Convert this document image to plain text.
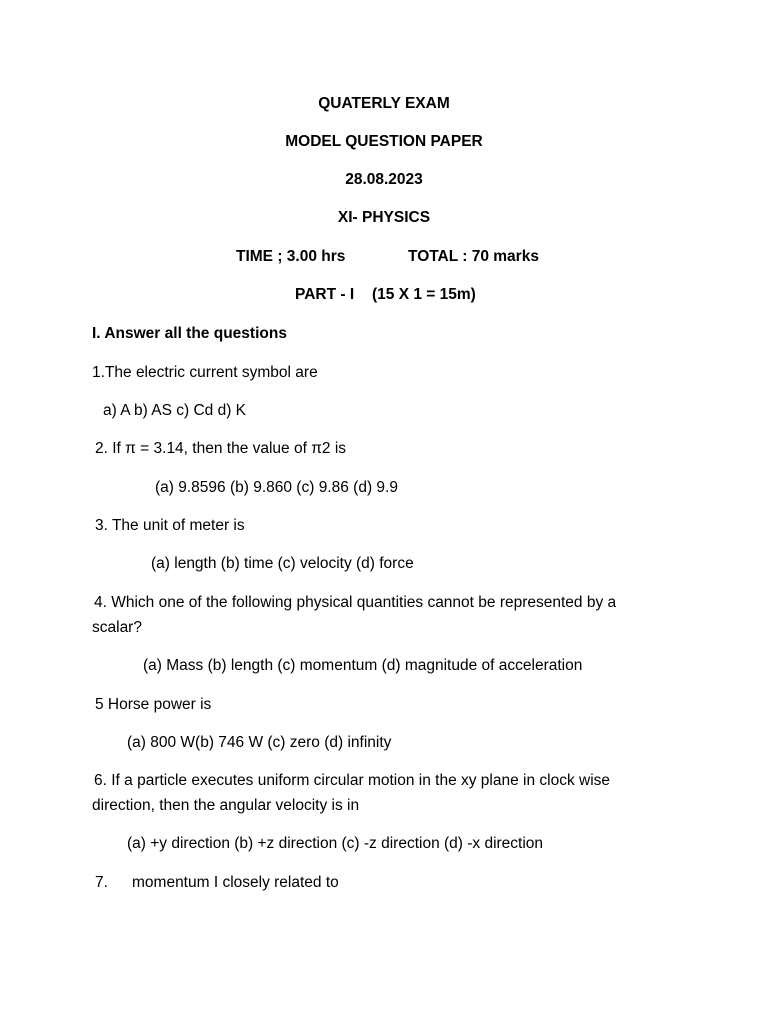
QUATERLY EXAM
MODEL QUESTION PAPER
28.08.2023
XI- PHYSICS
TIME ; 3.00 hrs	TOTAL : 70 marks
PART - I (15 X 1 = 15m)
I. Answer all the questions
1.The electric current symbol are
a) A b) AS c) Cd d) K
2. If π = 3.14, then the value of π2 is
(a) 9.8596 (b) 9.860 (c) 9.86 (d) 9.9
3. The unit of meter is
(a) length (b) time (c) velocity (d) force
4. Which one of the following physical quantities cannot be represented by a
scalar?
(a) Mass (b) length (c) momentum (d) magnitude of acceleration
5 Horse power is
(a) 800 W(b) 746 W (c) zero (d) infinity
6. If a particle executes uniform circular motion in the xy plane in clock wise
direction, then the angular velocity is in
(a) +y direction (b) +z direction (c) -z direction (d) -x direction
7. momentum I closely related to
